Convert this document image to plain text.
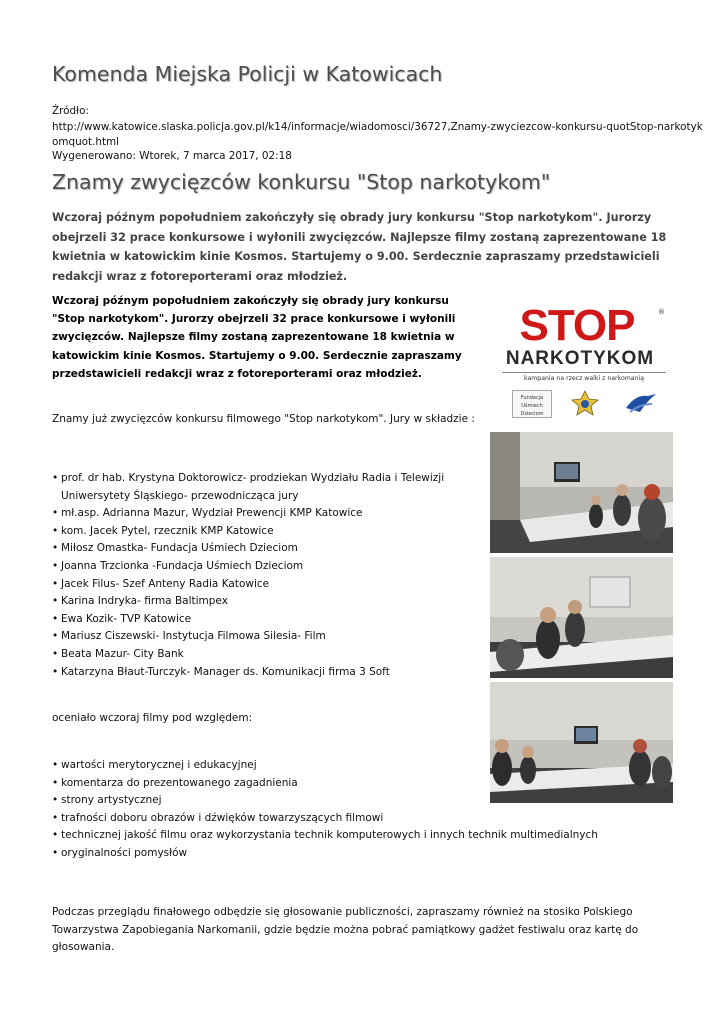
Komenda Miejska Policji w Katowicach
Źródło:
http://www.katowice.slaska.policja.gov.pl/k14/informacje/wiadomosci/36727,Znamy-zwyciezcow-konkursu-quotStop-narkotyk
omquot.html
Wygenerowano: Wtorek, 7 marca 2017, 02:18
Znamy zwycięzców konkursu "Stop narkotykom"

Wczoraj późnym popołudniem zakończyły się obrady jury konkursu "Stop narkotykom". Jurorzy obejrzeli 32 prace konkursowe i wyłonili zwycięzców. Najlepsze filmy zostaną zaprezentowane 18 kwietnia w katowickim kinie Kosmos. Startujemy o 9.00. Serdecznie zapraszamy przedstawicieli redakcji wraz z fotoreporterami oraz młodzież.

Wczoraj późnym popołudniem zakończyły się obrady jury konkursu "Stop narkotykom". Jurorzy obejrzeli 32 prace konkursowe i wyłonili zwycięzców. Najlepsze filmy zostaną zaprezentowane 18 kwietnia w katowickim kinie Kosmos. Startujemy o 9.00. Serdecznie zapraszamy przedstawicieli redakcji wraz z fotoreporterami oraz młodzież.

STOP	®
NARKOTYKOM
kampania na rzecz walki z narkomanią
Fundacja Uśmiech Dzieciom

Znamy już zwycięzców konkursu filmowego "Stop narkotykom". Jury w składzie :

• prof. dr hab. Krystyna Doktorowicz- prodziekan Wydziału Radia i Telewizji Uniwersytety Śląskiego- przewodnicząca jury
• mł.asp. Adrianna Mazur, Wydział Prewencji KMP Katowice
• kom. Jacek Pytel, rzecznik KMP Katowice
• Miłosz Omastka- Fundacja Uśmiech Dzieciom
• Joanna Trzcionka -Fundacja Uśmiech Dzieciom
• Jacek Filus- Szef Anteny Radia Katowice
• Karina Indryka- firma Baltimpex
• Ewa Kozik- TVP Katowice
• Mariusz Ciszewski- Instytucja Filmowa Silesia- Film
• Beata Mazur- City Bank
• Katarzyna Błaut-Turczyk- Manager ds. Komunikacji firma 3 Soft

oceniało wczoraj filmy pod względem:

• wartości merytorycznej i edukacyjnej
• komentarza do prezentowanego zagadnienia
• strony artystycznej
• trafności doboru obrazów i dźwięków towarzyszących filmowi
• technicznej jakość filmu oraz wykorzystania technik komputerowych i innych technik multimedialnych
• oryginalności pomysłów

Podczas przeglądu finałowego odbędzie się głosowanie publiczności, zapraszamy również na stosiko Polskiego Towarzystwa Zapobiegania Narkomanii, gdzie będzie można pobrać pamiątkowy gadżet festiwalu oraz kartę do głosowania.
